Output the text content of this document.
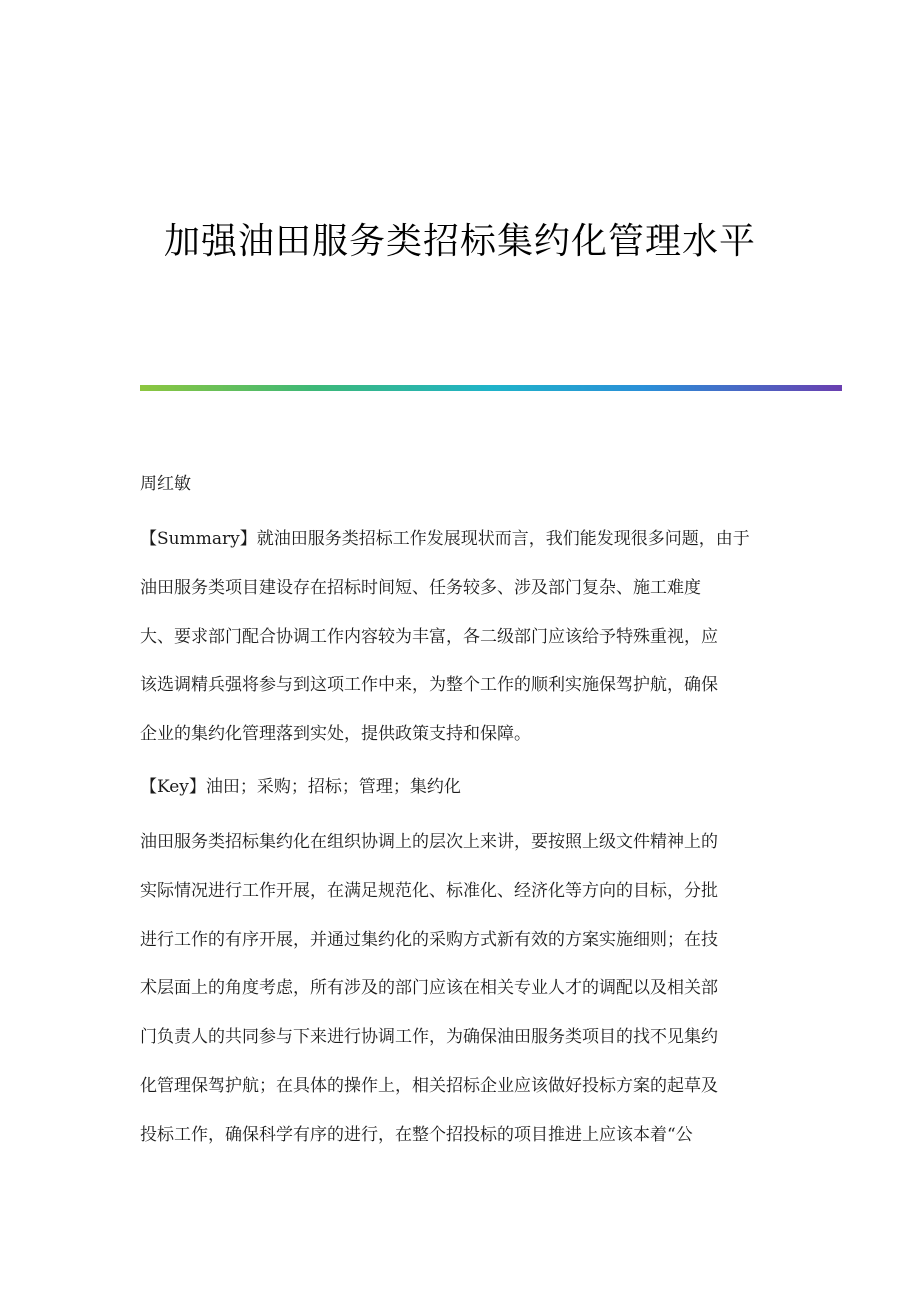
加强油田服务类招标集约化管理水平

周红敏

【Summary】就油田服务类招标工作发展现状而言，我们能发现很多问题，由于
油田服务类项目建设存在招标时间短、任务较多、涉及部门复杂、施工难度
大、要求部门配合协调工作内容较为丰富，各二级部门应该给予特殊重视，应
该选调精兵强将参与到这项工作中来，为整个工作的顺利实施保驾护航，确保
企业的集约化管理落到实处，提供政策支持和保障。

【Key】油田；采购；招标；管理；集约化

油田服务类招标集约化在组织协调上的层次上来讲，要按照上级文件精神上的
实际情况进行工作开展，在满足规范化、标准化、经济化等方向的目标，分批
进行工作的有序开展，并通过集约化的采购方式新有效的方案实施细则；在技
术层面上的角度考虑，所有涉及的部门应该在相关专业人才的调配以及相关部
门负责人的共同参与下来进行协调工作，为确保油田服务类项目的找不见集约
化管理保驾护航；在具体的操作上，相关招标企业应该做好投标方案的起草及
投标工作，确保科学有序的进行，在整个招投标的项目推进上应该本着“公
